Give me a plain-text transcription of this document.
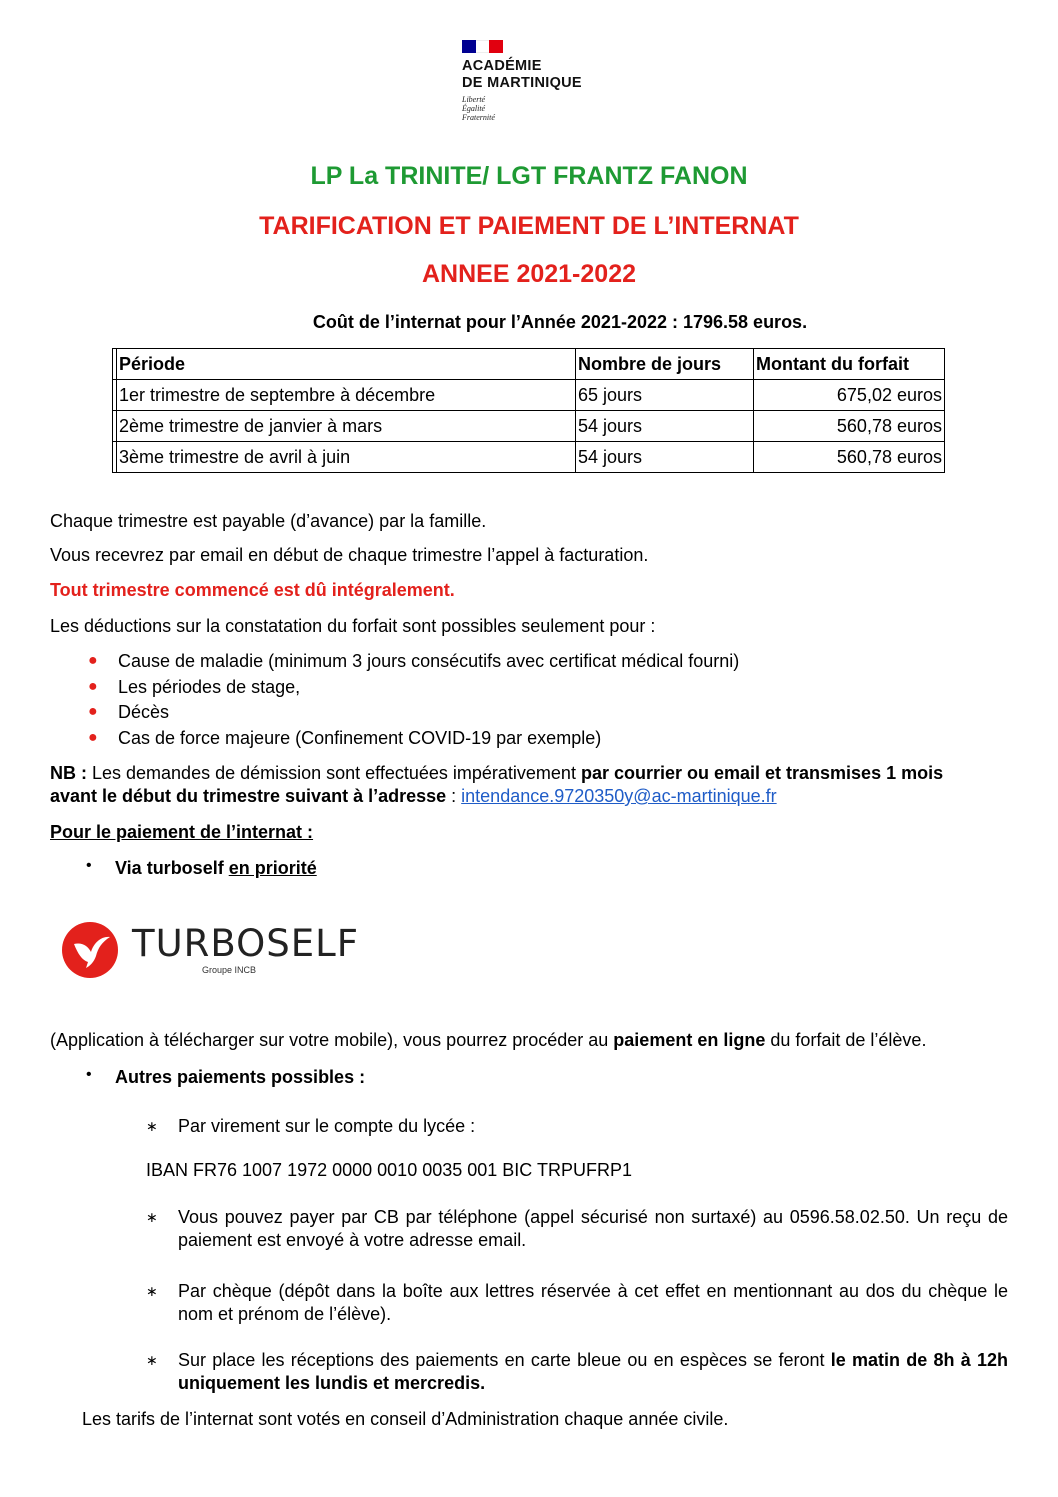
ACADÉMIE
DE MARTINIQUE
Liberté
Égalité
Fraternité
LP La TRINITE/ LGT FRANTZ FANON
TARIFICATION ET PAIEMENT DE L’INTERNAT
ANNEE 2021-2022
Coût de l’internat pour l’Année 2021-2022 : 1796.58 euros.
	Période	Nombre de jours	Montant du forfait
	1er trimestre de septembre à décembre	65 jours	675,02 euros
	2ème trimestre de janvier à mars	54 jours	560,78 euros
	3ème trimestre de avril à juin	54 jours	560,78 euros
Chaque trimestre est payable (d’avance) par la famille.
Vous recevrez par email en début de chaque trimestre l’appel à facturation.
Tout trimestre commencé est dû intégralement.
Les déductions sur la constatation du forfait sont possibles seulement pour :
● Cause de maladie (minimum 3 jours consécutifs avec certificat médical fourni)
● Les périodes de stage,
● Décès
● Cas de force majeure (Confinement COVID-19 par exemple)
NB : Les demandes de démission sont effectuées impérativement par courrier ou email et transmises 1 mois
avant le début du trimestre suivant à l’adresse : intendance.9720350y@ac-martinique.fr
Pour le paiement de l’internat :
• Via turboself en priorité
TURBOSELF
Groupe INCB
(Application à télécharger sur votre mobile), vous pourrez procéder au paiement en ligne du forfait de l’élève.
• Autres paiements possibles :
∗ Par virement sur le compte du lycée :
IBAN FR76 1007 1972 0000 0010 0035 001 BIC TRPUFRP1
∗ Vous pouvez payer par CB par téléphone (appel sécurisé non surtaxé) au 0596.58.02.50. Un reçu de paiement est envoyé à votre adresse email.
∗ Par chèque (dépôt dans la boîte aux lettres réservée à cet effet en mentionnant au dos du chèque le nom et prénom de l’élève).
∗ Sur place les réceptions des paiements en carte bleue ou en espèces se feront le matin de 8h à 12h uniquement les lundis et mercredis.
Les tarifs de l’internat sont votés en conseil d’Administration chaque année civile.
